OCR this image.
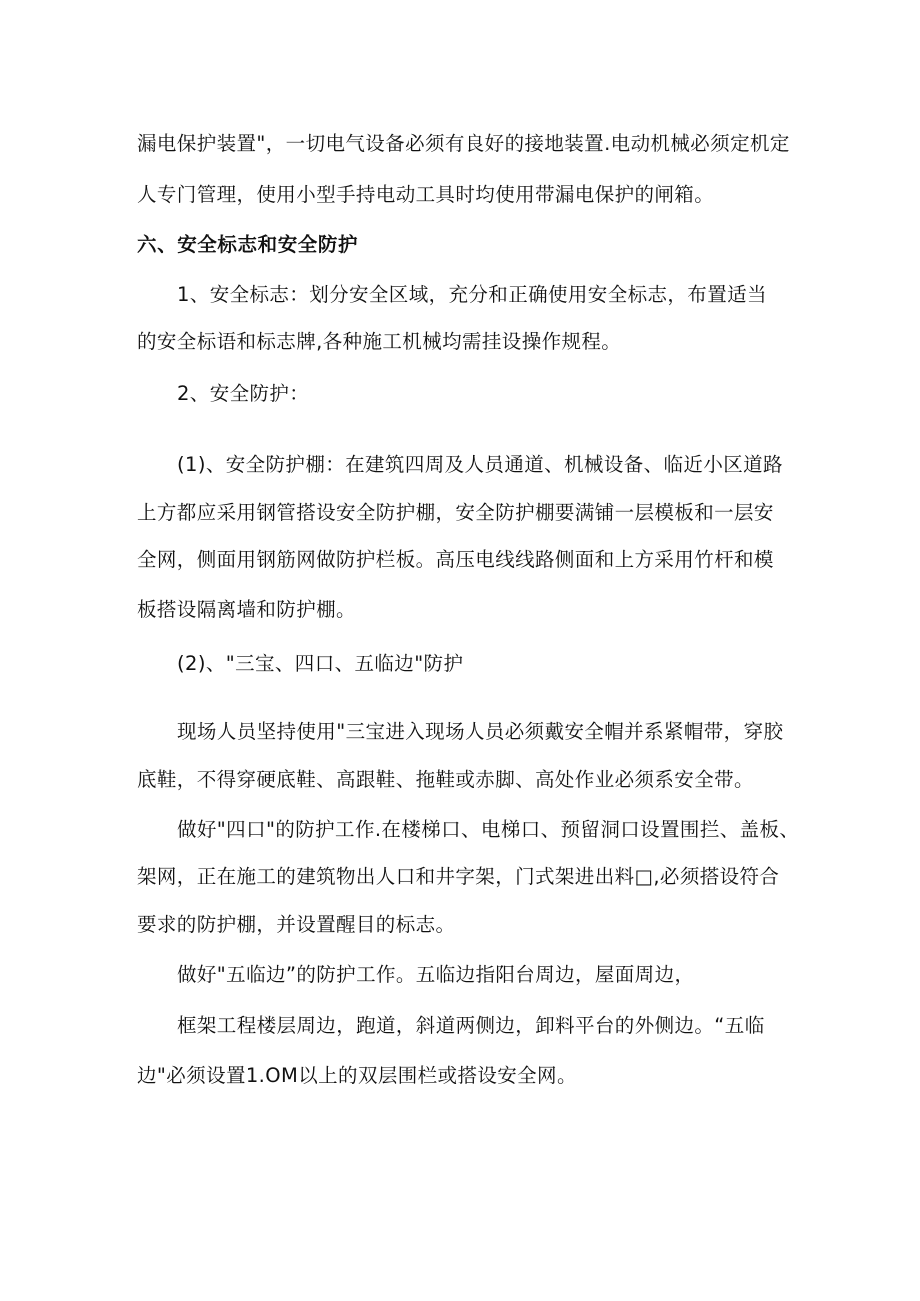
漏电保护装置"，一切电气设备必须有良好的接地装置.电动机械必须定机定
人专门管理，使用小型手持电动工具时均使用带漏电保护的闸箱。
六、安全标志和安全防护
1、安全标志：划分安全区域，充分和正确使用安全标志，布置适当
的安全标语和标志牌,各种施工机械均需挂设操作规程。
2、安全防护：
(1)、安全防护棚：在建筑四周及人员通道、机械设备、临近小区道路
上方都应采用钢管搭设安全防护棚，安全防护棚要满铺一层模板和一层安
全网，侧面用钢筋网做防护栏板。高压电线线路侧面和上方采用竹杆和模
板搭设隔离墙和防护棚。
(2)、"三宝、四口、五临边"防护
现场人员坚持使用"三宝进入现场人员必须戴安全帽并系紧帽带，穿胶
底鞋，不得穿硬底鞋、高跟鞋、拖鞋或赤脚、高处作业必须系安全带。
做好"四口"的防护工作.在楼梯口、电梯口、预留洞口设置围拦、盖板、
架网，正在施工的建筑物出人口和井字架，门式架进出料□,必须搭设符合
要求的防护棚，并设置醒目的标志。
做好"五临边”的防护工作。五临边指阳台周边，屋面周边，
框架工程楼层周边，跑道，斜道两侧边，卸料平台的外侧边。“五临
边"必须设置1.OM以上的双层围栏或搭设安全网。
